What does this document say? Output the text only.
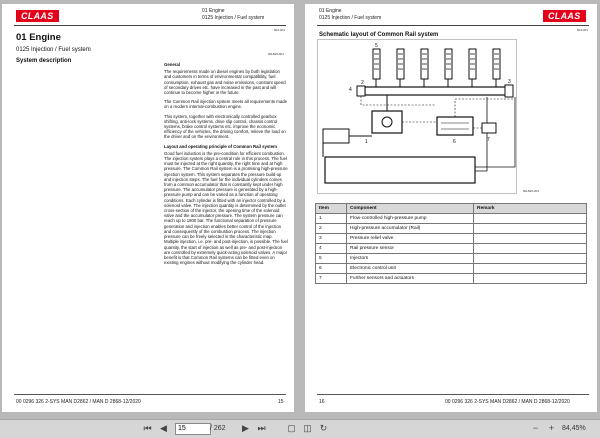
CLAAS	01 Engine
0125 Injection / Fuel system
904-001
01 Engine
0125 Injection / Fuel system
System description
90HW2-001
General

The requirements made on diesel engines by both legislation and customers in terms of environmental compatibility, fuel consumption, exhaust gas and noise emissions, constant speed of secondary drives etc. have increased in the past and will continue to become higher in the future.

The Common Rail injection system meets all requirements made on a modern internal-combustion engine.

This system, together with electronically controlled gearbox shifting, anti-lock systems, drive slip control, chassis control systems, brake control systems etc. improve the economic efficiency of the vehicles, the driving comfort, relieve the load on the driver and on the environment.

Layout and operating principle of Common Rail system

Good fuel induction is the pre-condition for efficient combustion. The injection system plays a central role in this process. The fuel must be injected at the right quantity, the right time and at high pressure. The Common Rail system is a promising high-pressure injection system. This system separates the pressure build-up and injection steps. The fuel for the individual cylinders comes from a common accumulator that is constantly kept under high pressure. The accumulator pressure is generated by a high-pressure pump and can be varied as a function of operating conditions. Each cylinder is fitted with an injector controlled by a solenoid valve. The injection quantity is determined by the outlet cross-section of the injector, the opening time of the solenoid valve and the accumulator pressure. The system pressure can reach up to 1800 bar. The functional separation of pressure generation and injection enables better control of the injection and consequently of the combustion process. The injection pressure can be freely selected in the characteristic map. Multiple injection, i.e. pre- and post-injection, is possible. The fuel quantity, the start of injection as well as pre- and post-injection are controlled by extremely quick-acting solenoid valves. A major benefit is that Common Rail systems can be fitted even on existing engines without modifying the cylinder head.

00 0296 326 2-SYS MAN D2862 / MAN D 2868-12/2020	15
01 Engine
0125 Injection / Fuel system	CLAAS
904-001
Schematic layout of Common Rail system
1
2	3
4
5
6	7
90HW2-001
Item	Component	Remark
1	Flow-controlled high-pressure pump	
2	High-pressure accumulator (Rail)	
3	Pressure relief valve	
4	Rail pressure sensor	
5	Injectors	
6	Electronic control unit	
7	Further sensors and actuators	
16	00 0296 326 2-SYS MAN D2862 / MAN D 2868-12/2020
⏮ ◀
15	/ 262 ▶ ⏭ ▢ ◫ ↻	−	+	84,45%
